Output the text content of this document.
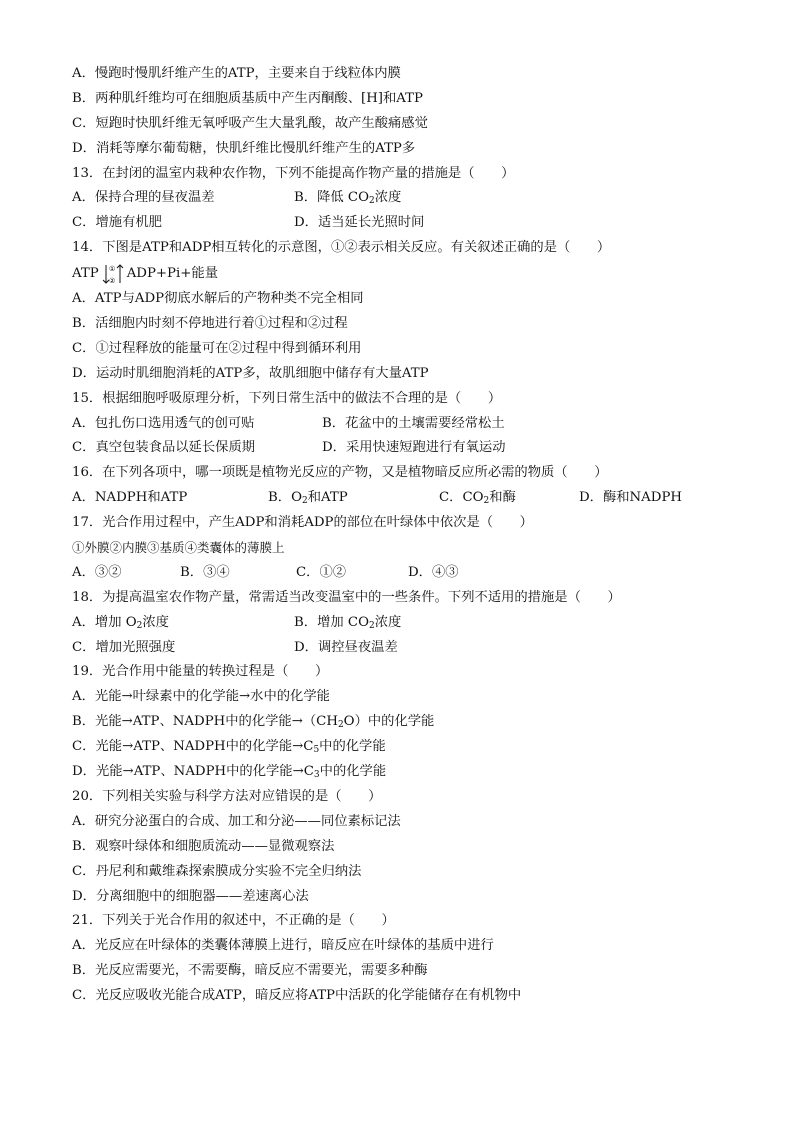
A．慢跑时慢肌纤维产生的ATP，主要来自于线粒体内膜
B．两种肌纤维均可在细胞质基质中产生丙酮酸、[H]和ATP
C．短跑时快肌纤维无氧呼吸产生大量乳酸，故产生酸痛感觉
D．消耗等摩尔葡萄糖，快肌纤维比慢肌纤维产生的ATP多
13．在封闭的温室内栽种农作物，下列不能提高作物产量的措施是（　　）
A．保持合理的昼夜温差	B．降低 $CO_2$浓度
C．增施有机肥	D．适当延长光照时间
14．下图是ATP和ADP相互转化的示意图，①②表示相关反应。有关叙述正确的是（　　）
ATP ①
② ADP+Pi+能量
A．ATP与ADP彻底水解后的产物种类不完全相同
B．活细胞内时刻不停地进行着①过程和②过程
C．①过程释放的能量可在②过程中得到循环利用
D．运动时肌细胞消耗的ATP多，故肌细胞中储存有大量ATP
15．根据细胞呼吸原理分析，下列日常生活中的做法不合理的是（　　）
A．包扎伤口选用透气的创可贴	B．花盆中的土壤需要经常松土
C．真空包装食品以延长保质期	D．采用快速短跑进行有氧运动
16．在下列各项中，哪一项既是植物光反应的产物，又是植物暗反应所必需的物质（　　）
A．NADPH和ATP	B．$O_2$和ATP	C．$CO_2$和酶	D．酶和NADPH
17．光合作用过程中，产生ADP和消耗ADP的部位在叶绿体中依次是（　　）
①外膜②内膜③基质④类囊体的薄膜上
A．③②	B．③④	C．①②	D．④③
18．为提高温室农作物产量，常需适当改变温室中的一些条件。下列不适用的措施是（　　）
A．增加 $O_2$浓度	B．增加 $CO_2$浓度
C．增加光照强度	D．调控昼夜温差
19．光合作用中能量的转换过程是（　　）
A．光能→叶绿素中的化学能→水中的化学能
B．光能→ATP、NADPH中的化学能$\to(CH_2O)$中的化学能
C．光能→ATP、NADPH中的化学能$\to C_5$中的化学能
D．光能→ATP、NADPH中的化学能$\to C_3$中的化学能
20．下列相关实验与科学方法对应错误的是（　　）
A．研究分泌蛋白的合成、加工和分泌——同位素标记法
B．观察叶绿体和细胞质流动——显微观察法
C．丹尼利和戴维森探索膜成分实验不完全归纳法
D．分离细胞中的细胞器——差速离心法
21．下列关于光合作用的叙述中，不正确的是（　　）
A．光反应在叶绿体的类囊体薄膜上进行，暗反应在叶绿体的基质中进行
B．光反应需要光，不需要酶，暗反应不需要光，需要多种酶
C．光反应吸收光能合成ATP，暗反应将ATP中活跃的化学能储存在有机物中
